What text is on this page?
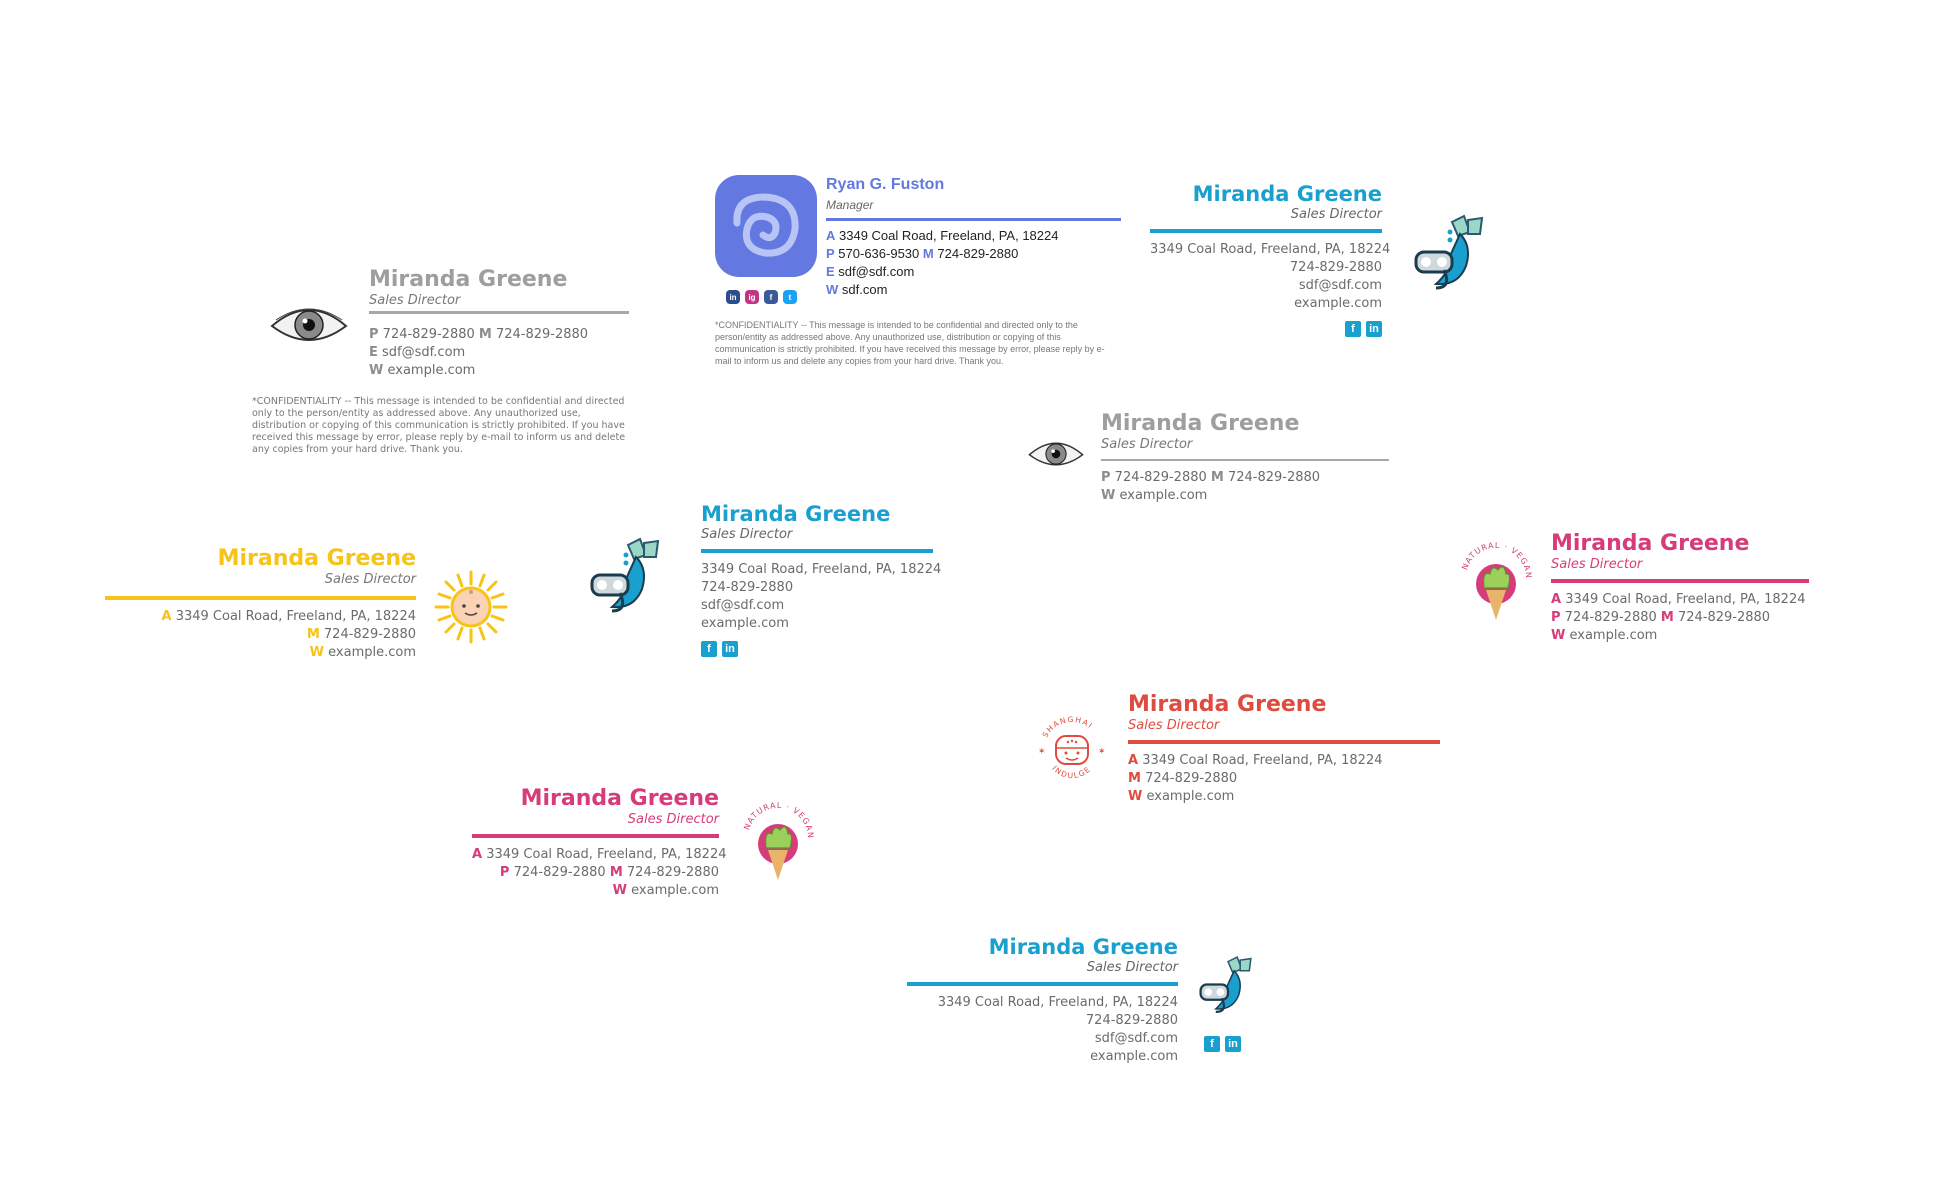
Miranda Greene
Sales Director
P 724-829-2880 M 724-829-2880
E sdf@sdf.com
W example.com
*CONFIDENTIALITY -- This message is intended to be confidential and directed only to the person/entity as addressed above. Any unauthorized use, distribution or copying of this communication is strictly prohibited. If you have received this message by error, please reply by e-mail to inform us and delete any copies from your hard drive. Thank you.
in	ig	f	t
Ryan G. Fuston
Manager
A 3349 Coal Road, Freeland, PA, 18224
P 570-636-9530 M 724-829-2880
E sdf@sdf.com
W sdf.com
*CONFIDENTIALITY -- This message is intended to be confidential and directed only to the person/entity as addressed above. Any unauthorized use, distribution or copying of this communication is strictly prohibited. If you have received this message by error, please reply by e-mail to inform us and delete any copies from your hard drive. Thank you.
Miranda Greene
Sales Director
3349 Coal Road, Freeland, PA, 18224
724-829-2880
sdf@sdf.com
example.com
f	in
Miranda Greene
Sales Director
P 724-829-2880 M 724-829-2880
W example.com
Miranda Greene
Sales Director
A 3349 Coal Road, Freeland, PA, 18224
M 724-829-2880
W example.com
Miranda Greene
Sales Director
3349 Coal Road, Freeland, PA, 18224
724-829-2880
sdf@sdf.com
example.com
f	in
NATURAL · VEGAN
Miranda Greene
Sales Director
A 3349 Coal Road, Freeland, PA, 18224
P 724-829-2880 M 724-829-2880
W example.com
SHANGHAI
INDULGE
✶	✶
Miranda Greene
Sales Director
A 3349 Coal Road, Freeland, PA, 18224
M 724-829-2880
W example.com
Miranda Greene
Sales Director
A 3349 Coal Road, Freeland, PA, 18224
P 724-829-2880 M 724-829-2880
W example.com
NATURAL · VEGAN
Miranda Greene
Sales Director
3349 Coal Road, Freeland, PA, 18224
724-829-2880
sdf@sdf.com
example.com
f	in
